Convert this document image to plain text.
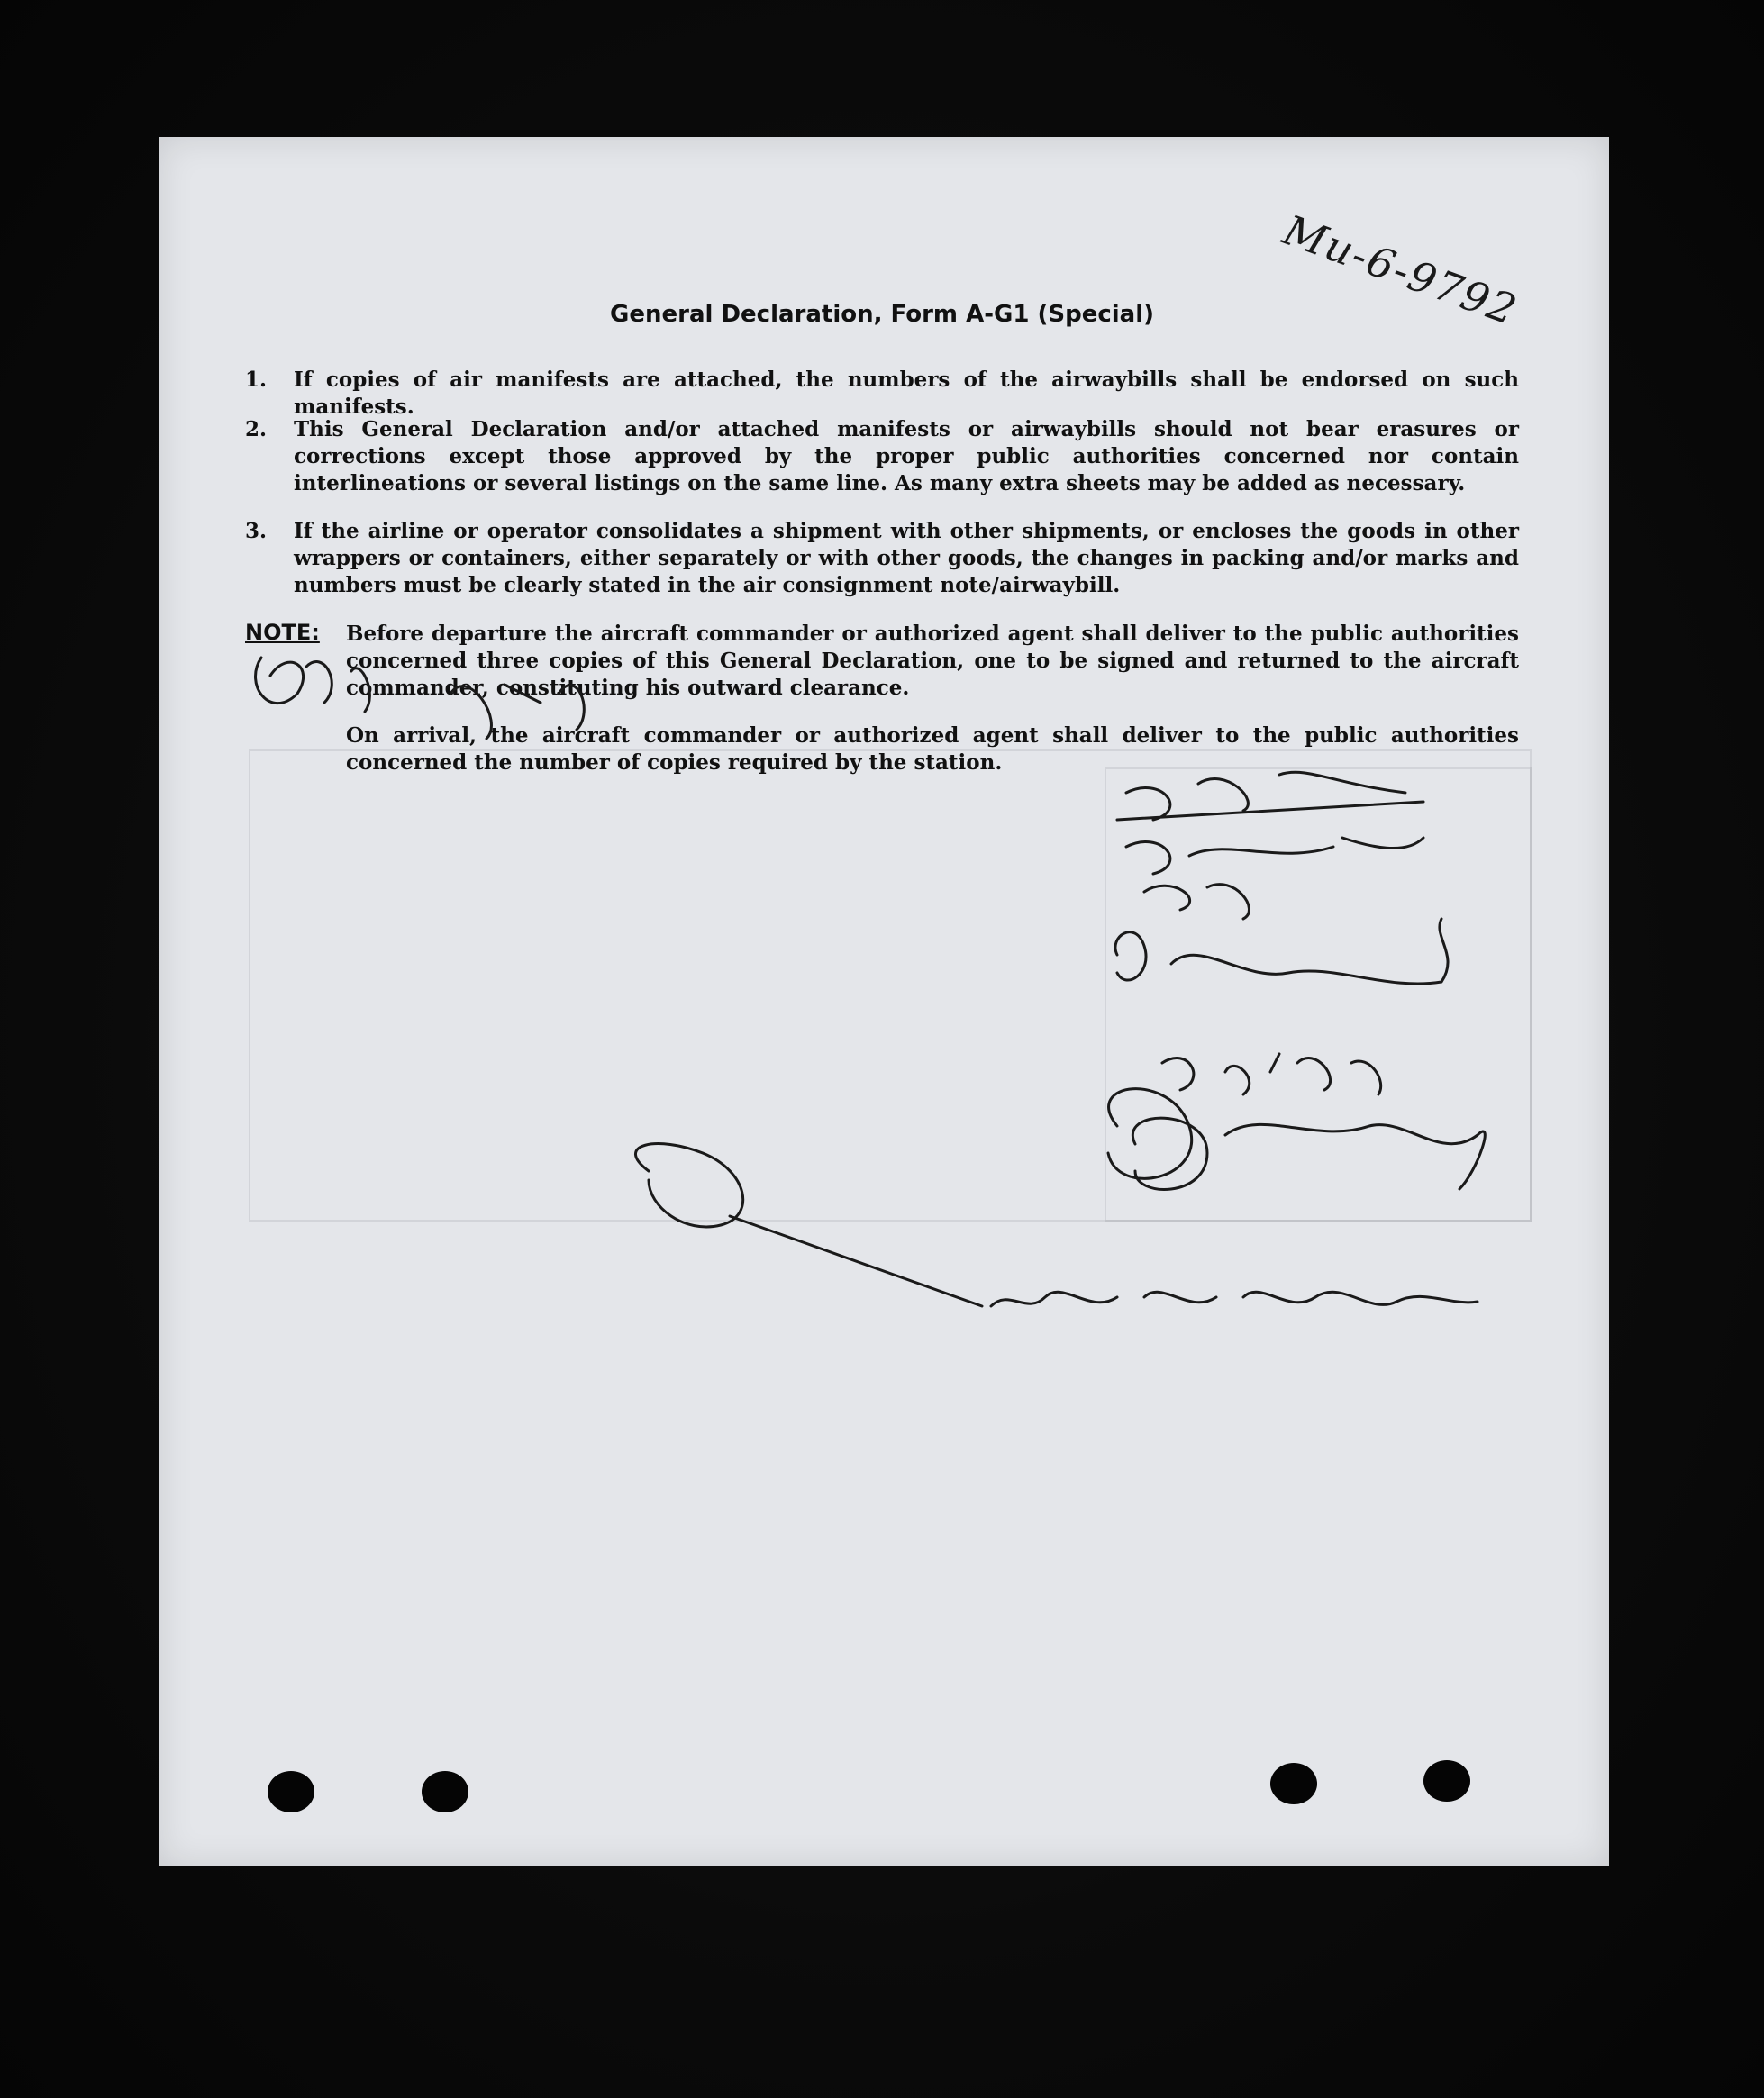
Mu-6-9792
General Declaration, Form A-G1 (Special)
1.	If copies of air manifests are attached, the numbers of the airwaybills shall be endorsed on such manifests.
2.	This General Declaration and/or attached manifests or airwaybills should not bear erasures or corrections except those approved by the proper public authorities concerned nor contain interlineations or several listings on the same line. As many extra sheets may be added as necessary.
3.	If the airline or operator consolidates a shipment with other shipments, or encloses the goods in other wrappers or containers, either separately or with other goods, the changes in packing and/or marks and numbers must be clearly stated in the air consignment note/airwaybill.
NOTE: Before departure the aircraft commander or authorized agent shall deliver to the public authorities concerned three copies of this General Declaration, one to be signed and returned to the aircraft commander, constituting his outward clearance.
On arrival, the aircraft commander or authorized agent shall deliver to the public authorities concerned the number of copies required by the station.
